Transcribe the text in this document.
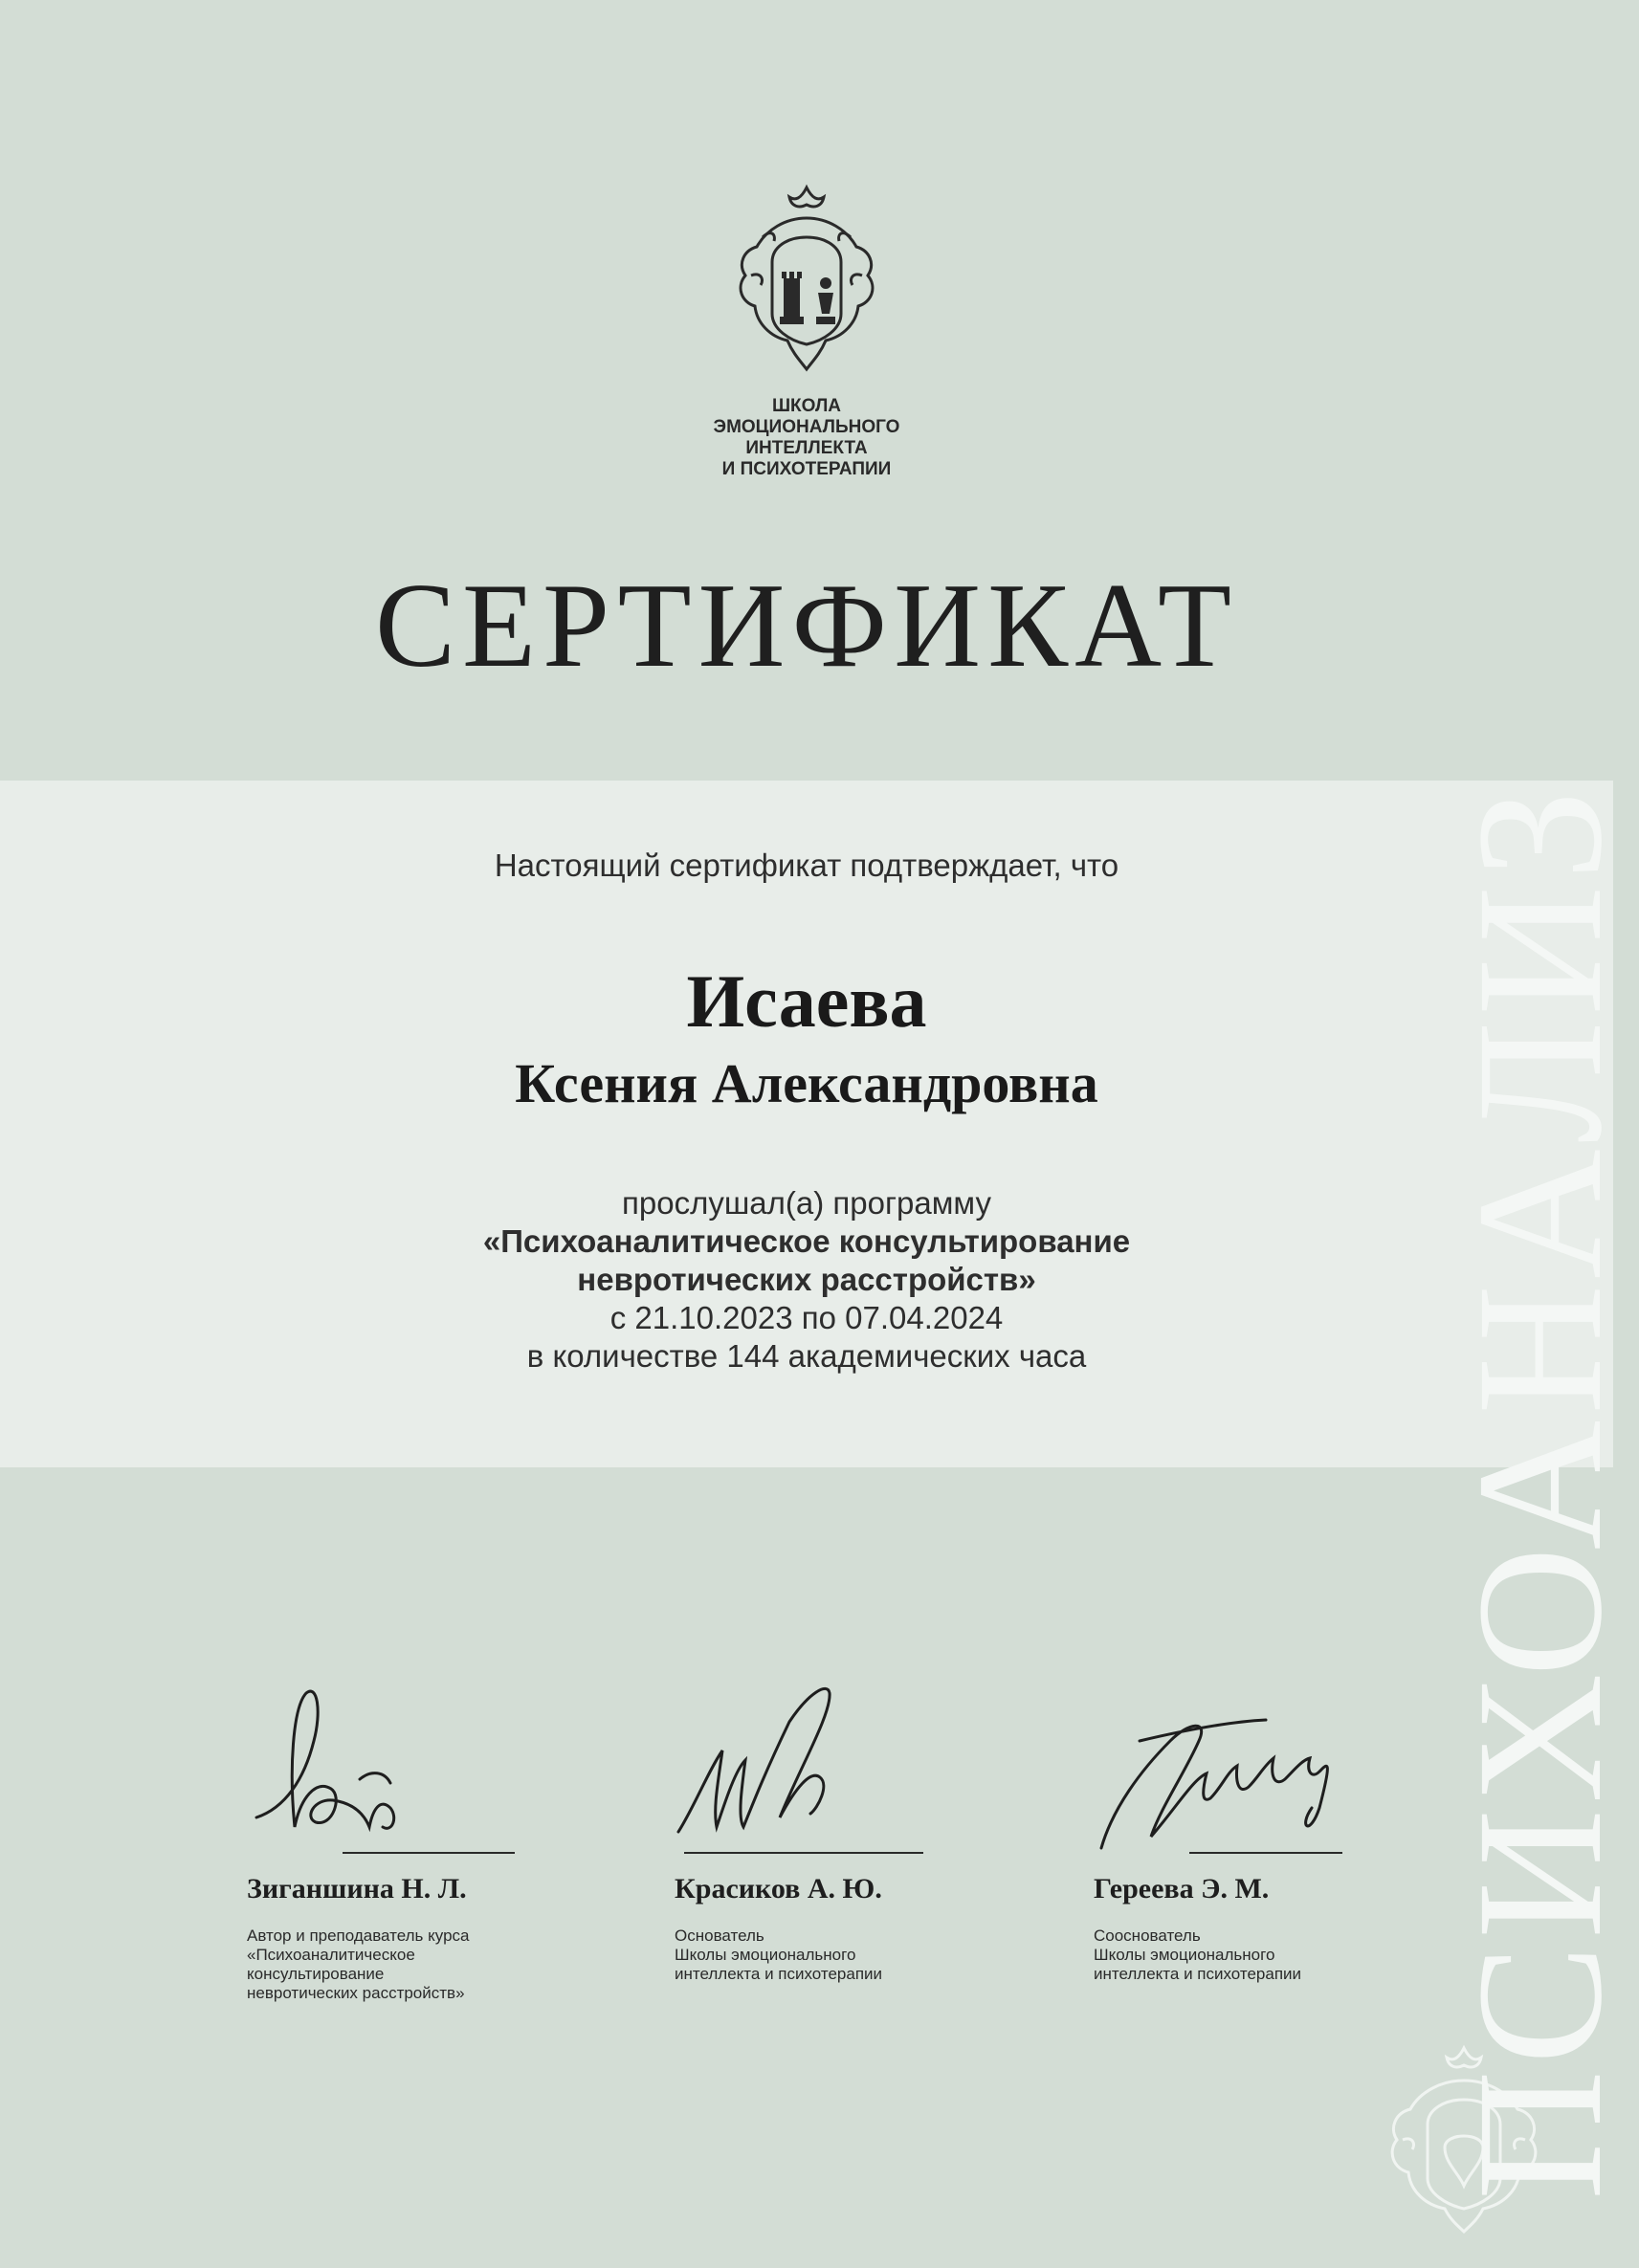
ПСИХОАНАЛИЗ
ШКОЛА
ЭМОЦИОНАЛЬНОГО
ИНТЕЛЛЕКТА
И ПСИХОТЕРАПИИ
СЕРТИФИКАТ
Настоящий сертификат подтверждает, что
Исаева
Ксения Александровна
прослушал(а) программу
«Психоаналитическое консультирование
невротических расстройств»
с 21.10.2023 по 07.04.2024
в количестве 144 академических часа
Зиганшина Н. Л.
Автор и преподаватель курса
«Психоаналитическое
консультирование
невротических расстройств»
Красиков А. Ю.
Основатель
Школы эмоционального
интеллекта и психотерапии
Гереева Э. М.
Сооснователь
Школы эмоционального
интеллекта и психотерапии
